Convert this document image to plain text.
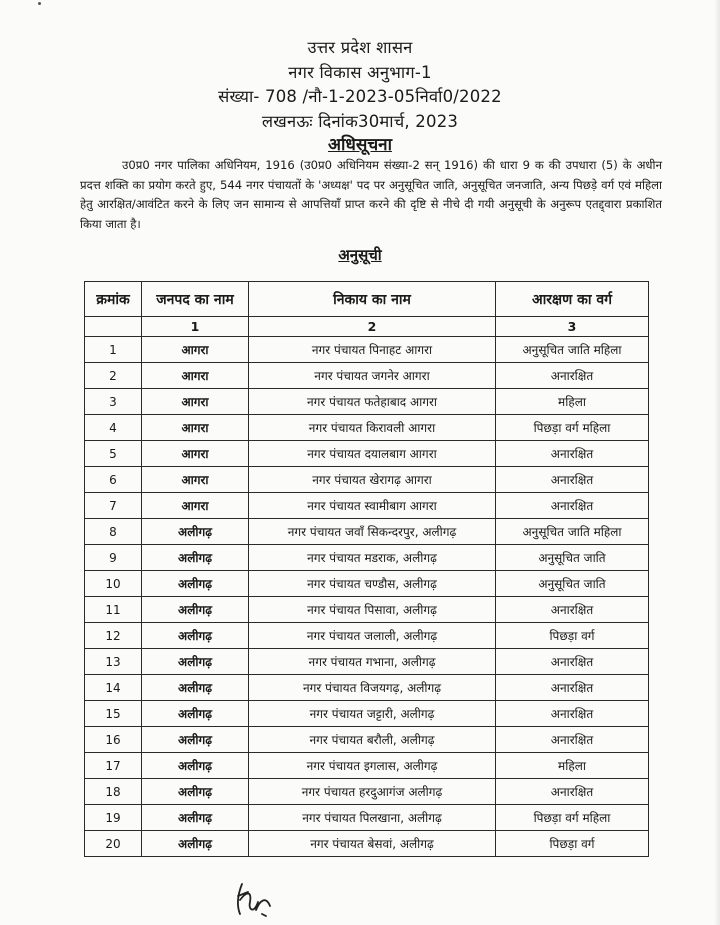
उत्तर प्रदेश शासन
नगर विकास अनुभाग-1
संख्या- 708 /नौ-1-2023-05निर्वा0/2022
लखनऊः दिनांक30मार्च, 2023
अधिसूचना
उ0प्र0 नगर पालिका अधिनियम, 1916 (उ0प्र0 अधिनियम संख्या-2 सन् 1916) की धारा 9 क की उपधारा (5) के अधीन प्रदत्त शक्ति का प्रयोग करते हुए, 544 नगर पंचायतों के 'अध्यक्ष' पद पर अनुसूचित जाति, अनुसूचित जनजाति, अन्य पिछड़े वर्ग एवं महिला हेतु आरक्षित/आवंटित करने के लिए जन सामान्य से आपत्तियाँ प्राप्त करने की दृष्टि से नीचे दी गयी अनुसूची के अनुरूप एतद्द्वारा प्रकाशित किया जाता है।
अनुसूची
क्रमांक	जनपद का नाम	निकाय का नाम	आरक्षण का वर्ग
	1	2	3
1	आगरा	नगर पंचायत पिनाहट आगरा	अनुसूचित जाति महिला
2	आगरा	नगर पंचायत जगनेर आगरा	अनारक्षित
3	आगरा	नगर पंचायत फतेहाबाद आगरा	महिला
4	आगरा	नगर पंचायत किरावली आगरा	पिछड़ा वर्ग महिला
5	आगरा	नगर पंचायत दयालबाग आगरा	अनारक्षित
6	आगरा	नगर पंचायत खेरागढ़ आगरा	अनारक्षित
7	आगरा	नगर पंचायत स्वामीबाग आगरा	अनारक्षित
8	अलीगढ़	नगर पंचायत जवाँ सिकन्दरपुर, अलीगढ़	अनुसूचित जाति महिला
9	अलीगढ़	नगर पंचायत मडराक, अलीगढ़	अनुसूचित जाति
10	अलीगढ़	नगर पंचायत चण्डौस, अलीगढ़	अनुसूचित जाति
11	अलीगढ़	नगर पंचायत पिसावा, अलीगढ़	अनारक्षित
12	अलीगढ़	नगर पंचायत जलाली, अलीगढ़	पिछड़ा वर्ग
13	अलीगढ़	नगर पंचायत गभाना, अलीगढ़	अनारक्षित
14	अलीगढ़	नगर पंचायत विजयगढ़, अलीगढ़	अनारक्षित
15	अलीगढ़	नगर पंचायत जट्टारी, अलीगढ़	अनारक्षित
16	अलीगढ़	नगर पंचायत बरौली, अलीगढ़	अनारक्षित
17	अलीगढ़	नगर पंचायत इगलास, अलीगढ़	महिला
18	अलीगढ़	नगर पंचायत हरदुआगंज अलीगढ़	अनारक्षित
19	अलीगढ़	नगर पंचायत पिलखाना, अलीगढ़	पिछड़ा वर्ग महिला
20	अलीगढ़	नगर पंचायत बेसवां, अलीगढ़	पिछड़ा वर्ग
